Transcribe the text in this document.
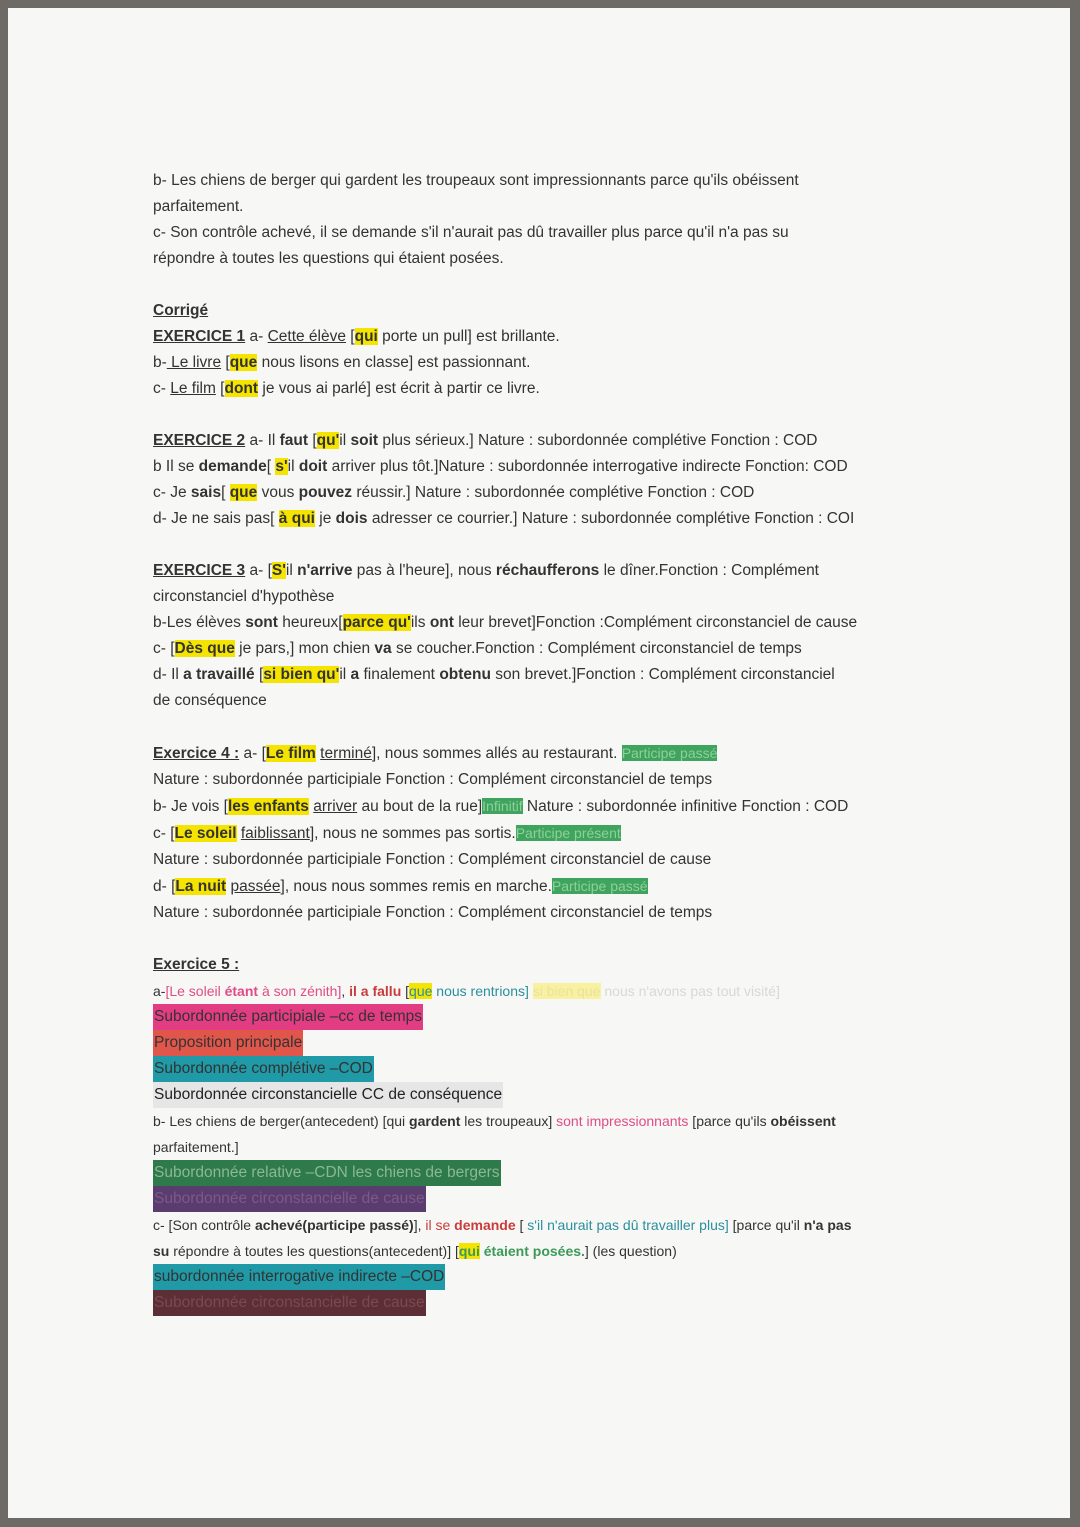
b- Les chiens de berger qui gardent les troupeaux sont impressionnants parce qu'ils obéissent
parfaitement.
c- Son contrôle achevé, il se demande s'il n'aurait pas dû travailler plus parce qu'il n'a pas su
répondre à toutes les questions qui étaient posées.
Corrigé
EXERCICE 1 a- Cette élève [qui porte un pull] est brillante.
b- Le livre [que nous lisons en classe] est passionnant.
c- Le film [dont je vous ai parlé] est écrit à partir ce livre.
EXERCICE 2 a- Il faut [qu'il soit plus sérieux.] Nature : subordonnée complétive Fonction : COD
b Il se demande[ s'il doit arriver plus tôt.]Nature : subordonnée interrogative indirecte Fonction: COD
c- Je sais[ que vous pouvez réussir.] Nature : subordonnée complétive Fonction : COD
d- Je ne sais pas[ à qui je dois adresser ce courrier.] Nature : subordonnée complétive Fonction : COI
EXERCICE 3 a- [S'il n'arrive pas à l'heure], nous réchaufferons le dîner.Fonction : Complément
circonstanciel d'hypothèse
b-Les élèves sont heureux[parce qu'ils ont leur brevet]Fonction :Complément circonstanciel de cause
c- [Dès que je pars,] mon chien va se coucher.Fonction : Complément circonstanciel de temps
d- Il a travaillé [si bien qu'il a finalement obtenu son brevet.]Fonction : Complément circonstanciel
de conséquence
Exercice 4 : a- [Le film terminé], nous sommes allés au restaurant. Participe passé
Nature : subordonnée participiale Fonction : Complément circonstanciel de temps
b- Je vois [les enfants arriver au bout de la rue]Infinitif Nature : subordonnée infinitive Fonction : COD
c- [Le soleil faiblissant], nous ne sommes pas sortis.Participe présent
Nature : subordonnée participiale Fonction : Complément circonstanciel de cause
d- [La nuit passée], nous nous sommes remis en marche.Participe passé
Nature : subordonnée participiale Fonction : Complément circonstanciel de temps
Exercice 5 :
a-[Le soleil étant à son zénith], il a fallu [que nous rentrions] si bien que nous n'avons pas tout visité]
Subordonnée participiale –cc de temps
Proposition principale
Subordonnée complétive –COD
Subordonnée circonstancielle CC de conséquence
b- Les chiens de berger(antecedent) [qui gardent les troupeaux] sont impressionnants [parce qu'ils obéissent
parfaitement.]
Subordonnée relative –CDN les chiens de bergers
Subordonnée circonstancielle de cause
c- [Son contrôle achevé(participe passé)], il se demande [ s'il n'aurait pas dû travailler plus] [parce qu'il n'a pas
su répondre à toutes les questions(antecedent)] [qui étaient posées.] (les question)
subordonnée interrogative indirecte –COD
Subordonnée circonstancielle de cause
